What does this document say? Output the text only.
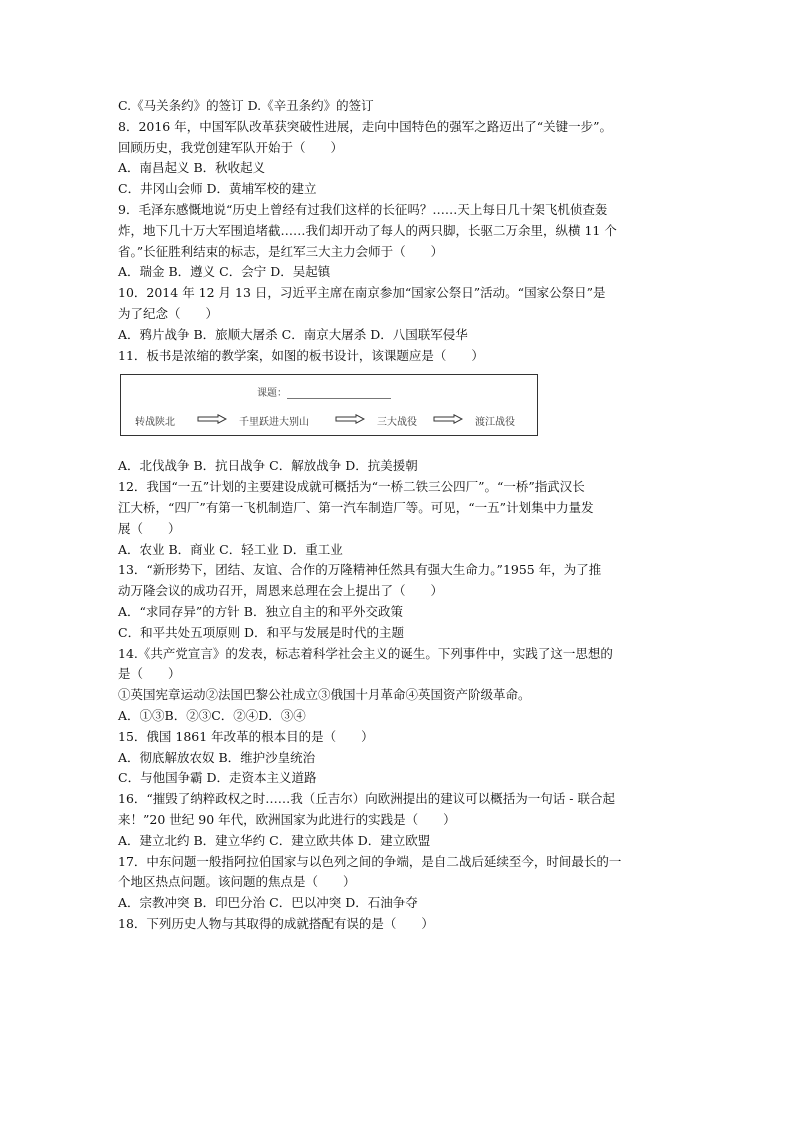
C.《马关条约》的签订 D.《辛丑条约》的签订
8．2016 年，中国军队改革获突破性进展，走向中国特色的强军之路迈出了“关键一步”。
回顾历史，我党创建军队开始于（　　）
A．南昌起义 B．秋收起义
C．井冈山会师 D．黄埔军校的建立
9．毛泽东感慨地说“历史上曾经有过我们这样的长征吗？……天上每日几十架飞机侦查轰
炸，地下几十万大军围追堵截……我们却开动了每人的两只脚，长驱二万余里，纵横 11 个
省。”长征胜利结束的标志，是红军三大主力会师于（　　）
A．瑞金 B．遵义 C．会宁 D．吴起镇
10．2014 年 12 月 13 日，习近平主席在南京参加“国家公祭日”活动。“国家公祭日”是
为了纪念（　　）
A．鸦片战争 B．旅顺大屠杀 C．南京大屠杀 D．八国联军侵华
11．板书是浓缩的教学案，如图的板书设计，该课题应是（　　）
课题：
转战陕北	千里跃进大别山	三大战役	渡江战役
A．北伐战争 B．抗日战争 C．解放战争 D．抗美援朝
12．我国“一五”计划的主要建设成就可概括为“一桥二铁三公四厂”。“一桥”指武汉长
江大桥，“四厂”有第一飞机制造厂、第一汽车制造厂等。可见，“一五”计划集中力量发
展（　　）
A．农业 B．商业 C．轻工业 D．重工业
13．“新形势下，团结、友谊、合作的万隆精神任然具有强大生命力。”1955 年，为了推
动万隆会议的成功召开，周恩来总理在会上提出了（　　）
A．“求同存异”的方针 B．独立自主的和平外交政策
C．和平共处五项原则 D．和平与发展是时代的主题
14.《共产党宣言》的发表，标志着科学社会主义的诞生。下列事件中，实践了这一思想的
是（　　）
①英国宪章运动②法国巴黎公社成立③俄国十月革命④英国资产阶级革命。
A．①③B．②③C．②④D．③④
15．俄国 1861 年改革的根本目的是（　　）
A．彻底解放农奴 B．维护沙皇统治
C．与他国争霸 D．走资本主义道路
16．“摧毁了纳粹政权之时……我（丘吉尔）向欧洲提出的建议可以概括为一句话 - 联合起
来！”20 世纪 90 年代，欧洲国家为此进行的实践是（　　）
A．建立北约 B．建立华约 C．建立欧共体 D．建立欧盟
17．中东问题一般指阿拉伯国家与以色列之间的争端，是自二战后延续至今，时间最长的一
个地区热点问题。该问题的焦点是（　　）
A．宗教冲突 B．印巴分治 C．巴以冲突 D．石油争夺
18．下列历史人物与其取得的成就搭配有误的是（　　）
